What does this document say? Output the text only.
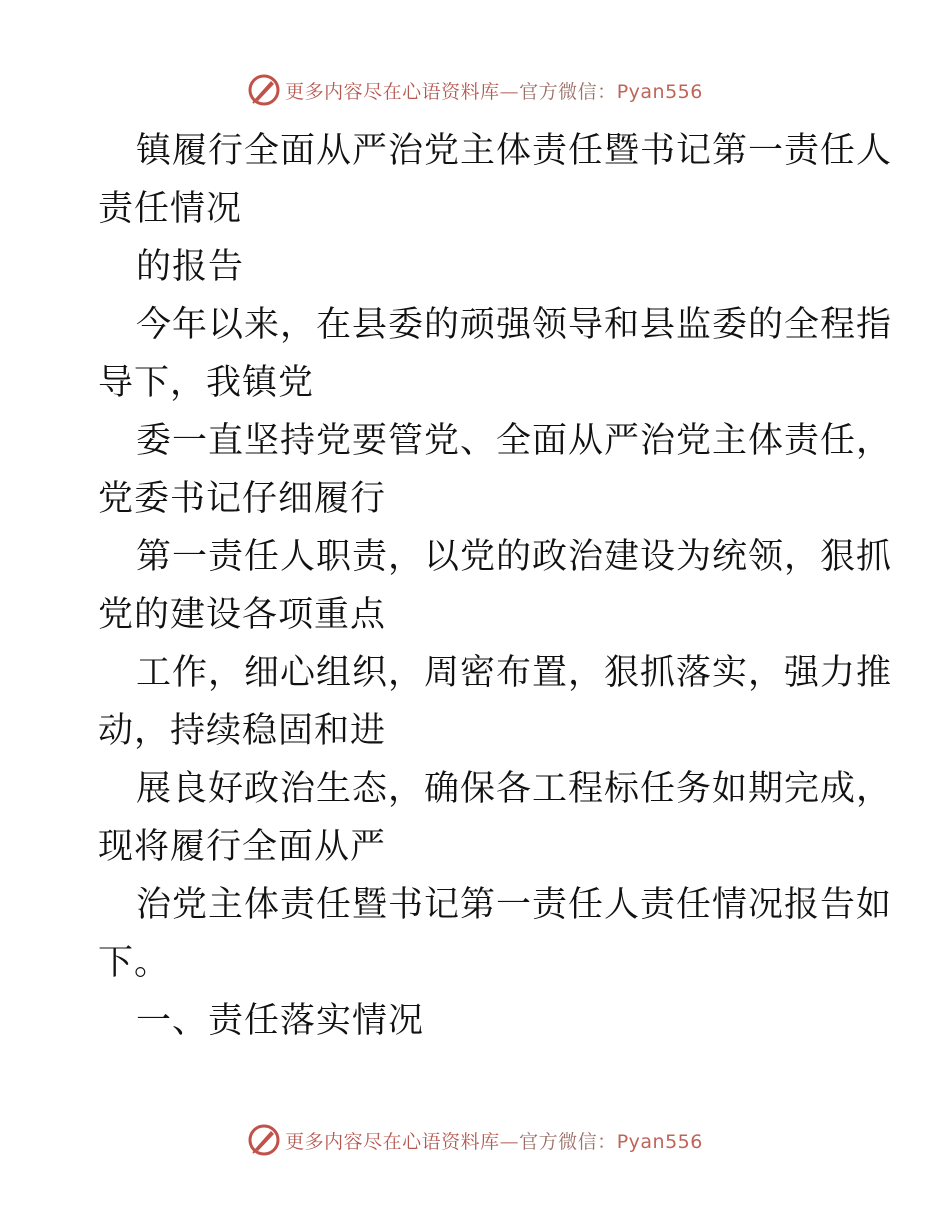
更多内容尽在心语资料库—官方微信：Pyan556

镇履行全面从严治党主体责任暨书记第一责任人
责任情况

的报告

今年以来，在县委的顽强领导和县监委的全程指
导下，我镇党

委一直坚持党要管党、全面从严治党主体责任，
党委书记仔细履行

第一责任人职责，以党的政治建设为统领，狠抓
党的建设各项重点

工作，细心组织，周密布置，狠抓落实，强力推
动，持续稳固和进

展良好政治生态，确保各工程标任务如期完成，
现将履行全面从严

治党主体责任暨书记第一责任人责任情况报告如
下。

一、责任落实情况

更多内容尽在心语资料库—官方微信：Pyan556
